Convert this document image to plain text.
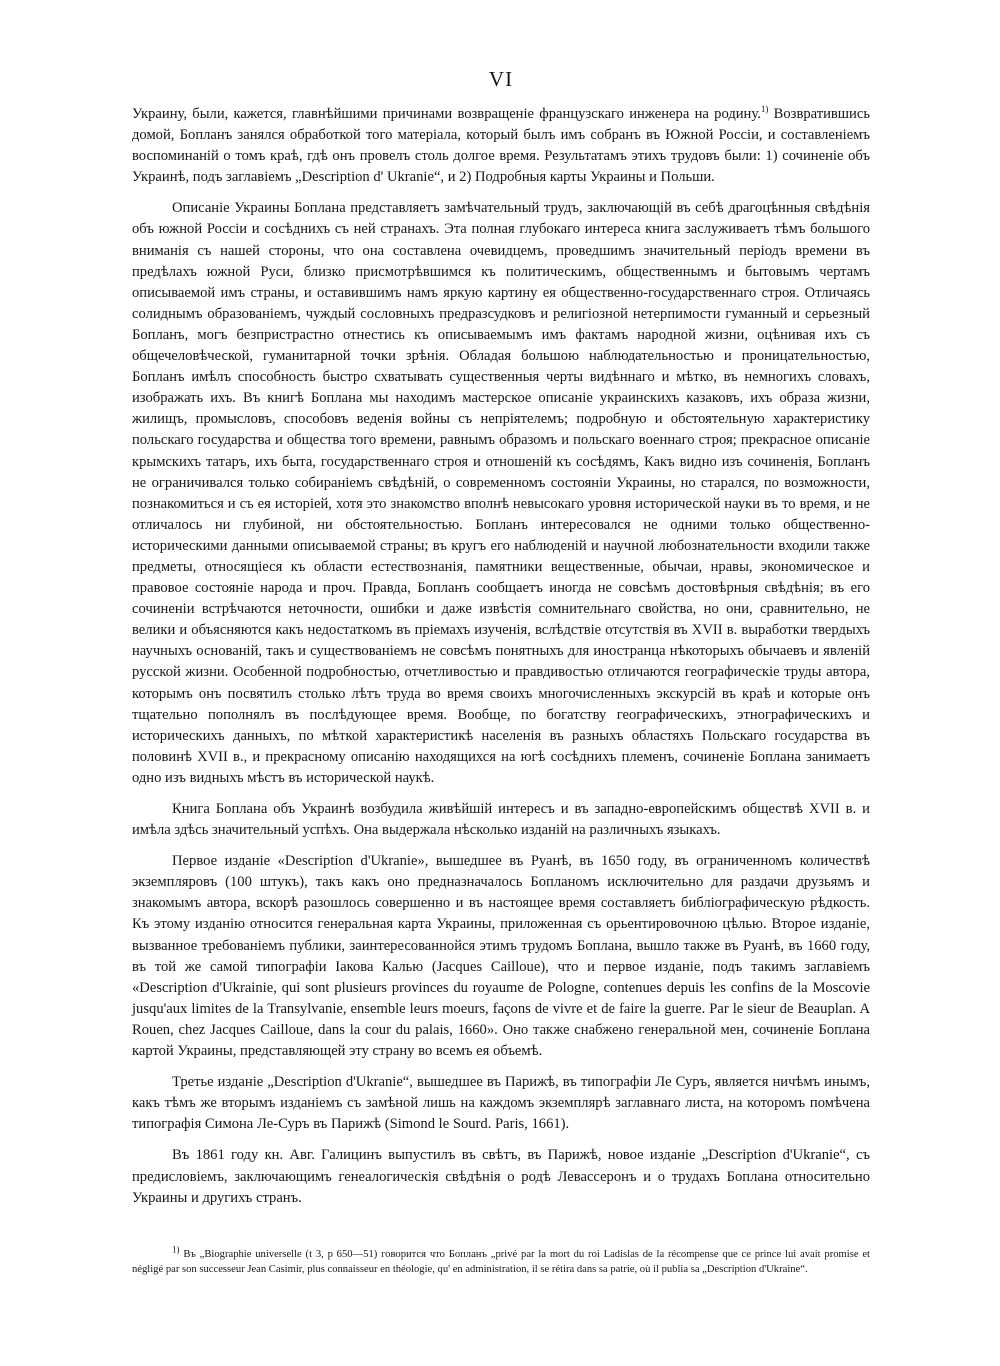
VI

Украину, были, кажется, главнѣйшими причинами возвращенiе французскаго инженера на родину.$^{1)}$ Возвратившись домой, Бопланъ занялся обработкой того матерiала, который былъ имъ собранъ въ Южной Россiи, и составленiемъ воспоминанiй о томъ краѣ, гдѣ онъ провелъ столь долгое время. Результатамъ этихъ трудовъ были: 1) сочиненiе объ Украинѣ, подъ заглавiемъ „Description d' Ukranie“, и 2) Подробныя карты Украины и Польши.

Описанiе Украины Боплана представляетъ замѣчательный трудъ, заключающiй въ себѣ драгоцѣнныя свѣдѣнiя объ южной Россiи и сосѣднихъ съ ней странахъ. Эта полная глубокаго интереса книга заслуживаетъ тѣмъ большого вниманiя съ нашей стороны, что она составлена очевидцемъ, проведшимъ значительный перiодъ времени въ предѣлахъ южной Руси, близко присмотрѣвшимся къ политическимъ, общественнымъ и бытовымъ чертамъ описываемой имъ страны, и оставившимъ намъ яркую картину ея общественно-государственнаго строя. Отличаясь солиднымъ образованiемъ, чуждый сословныхъ предразсудковъ и религiозной нетерпимости гуманный и серьезный Бопланъ, могъ безпристрастно отнестись къ описываемымъ имъ фактамъ народной жизни, оцѣнивая ихъ съ общечеловѣческой, гуманитарной точки зрѣнiя. Обладая большою наблюдательностью и проницательностью, Бопланъ имѣлъ способность быстро схватывать существенныя черты видѣннаго и мѣтко, въ немногихъ словахъ, изображать ихъ. Въ книгѣ Боплана мы находимъ мастерское описанiе украинскихъ казаковъ, ихъ образа жизни, жилищъ, промысловъ, способовъ веденiя войны съ непрiятелемъ; подробную и обстоятельную характеристику польскаго государства и общества того времени, равнымъ образомъ и польскаго военнаго строя; прекрасное описанiе крымскихъ татаръ, ихъ быта, государственнаго строя и отношенiй къ сосѣдямъ, Какъ видно изъ сочиненiя, Бопланъ не ограничивался только собиранiемъ свѣдѣнiй, о современномъ состоянiи Украины, но старался, по возможности, познакомиться и съ ея исторiей, хотя это знакомство вполнѣ невысокаго уровня исторической науки въ то время, и не отличалось ни глубиной, ни обстоятельностью. Бопланъ интересовался не одними только общественно-историческими данными описываемой страны; въ кругъ его наблюденiй и научной любознательности входили также предметы, относящiеся къ области естествознанiя, памятники вещественные, обычаи, нравы, экономическое и правовое состоянiе народа и проч. Правда, Бопланъ сообщаетъ иногда не совсѣмъ достовѣрныя свѣдѣнiя; въ его сочиненiи встрѣчаются неточности, ошибки и даже извѣстiя сомнительнаго свойства, но они, сравнительно, не велики и объясняются какъ недостаткомъ въ прiемахъ изученiя, вслѣдствiе отсутствiя въ XVII в. выработки твердыхъ научныхъ основанiй, такъ и существованiемъ не совсѣмъ понятныхъ для иностранца нѣкоторыхъ обычаевъ и явленiй русской жизни. Особенной подробностью, отчетливостью и правдивостью отличаются географическiе труды автора, которымъ онъ посвятилъ столько лѣтъ труда во время своихъ многочисленныхъ экскурсiй въ краѣ и которые онъ тщательно пополнялъ въ послѣдующее время. Вообще, по богатству географическихъ, этнографическихъ и историческихъ данныхъ, по мѣткой характеристикѣ населенiя въ разныхъ областяхъ Польскаго государства въ половинѣ XVII в., и прекрасному описанiю находящихся на югѣ сосѣднихъ племенъ, сочиненiе Боплана занимаетъ одно изъ видныхъ мѣстъ въ исторической наукѣ.

Книга Боплана объ Украинѣ возбудила живѣйшiй интересъ и въ западно-европейскимъ обществѣ XVII в. и имѣла здѣсь значительный успѣхъ. Она выдержала нѣсколько изданiй на различныхъ языкахъ.

Первое изданiе «Description d'Ukranie», вышедшее въ Руанѣ, въ 1650 году, въ ограниченномъ количествѣ экземпляровъ (100 штукъ), такъ какъ оно предназначалось Бопланомъ исключительно для раздачи друзьямъ и знакомымъ автора, вскорѣ разошлось совершенно и въ настоящее время составляетъ библiографическую рѣдкость. Къ этому изданiю относится генеральная карта Украины, приложенная съ орьентировочною цѣлью. Второе изданiе, вызванное требованiемъ публики, заинтересованнойся этимъ трудомъ Боплана, вышло также въ Руанѣ, въ 1660 году, въ той же самой типографiи Iакова Калью (Jacques Cailloue), что и первое изданiе, подъ такимъ заглавiемъ «Description d'Ukrainie, qui sont plusieurs provinces du royaume de Pologne, contenues depuis les confins de la Moscovie jusqu'aux limites de la Transylvanie, ensemble leurs moeurs, façons de vivre et de faire la guerre. Par le sieur de Beauplan. A Rouen, chez Jacques Cailloue, dans la cour du palais, 1660». Оно также снабжено генеральной мен, сочиненiе Боплана картой Украины, представляющей эту страну во всемъ ея объемѣ.

Третье изданiе „Description d'Ukranie“, вышедшее въ Парижѣ, въ типографiи Ле Суръ, является ничѣмъ инымъ, какъ тѣмъ же вторымъ изданiемъ съ замѣной лишь на каждомъ экземплярѣ заглавнаго листа, на которомъ помѣчена типографiя Симона Ле-Суръ въ Парижѣ (Simond le Sourd. Paris, 1661).

Въ 1861 году кн. Авг. Галицинъ выпустилъ въ свѣтъ, въ Парижѣ, новое изданiе „Description d'Ukranie“, съ предисловiемъ, заключающимъ генеалогическiя свѣдѣнiя о родѣ Левассеронъ и о трудахъ Боплана относительно Украины и другихъ странъ.

$^{1)}$ Въ „Biographie universelle (t 3, p 650—51) говорится что Бопланъ „privé par la mort du roi Ladislas de la récompense que ce prince lui avait promise et négligé par son successeur Jean Casimir, plus connaisseur en théologie, qu' en administration, il se rétira dans sa patrie, où il publia sa „Description d'Ukraine“.
